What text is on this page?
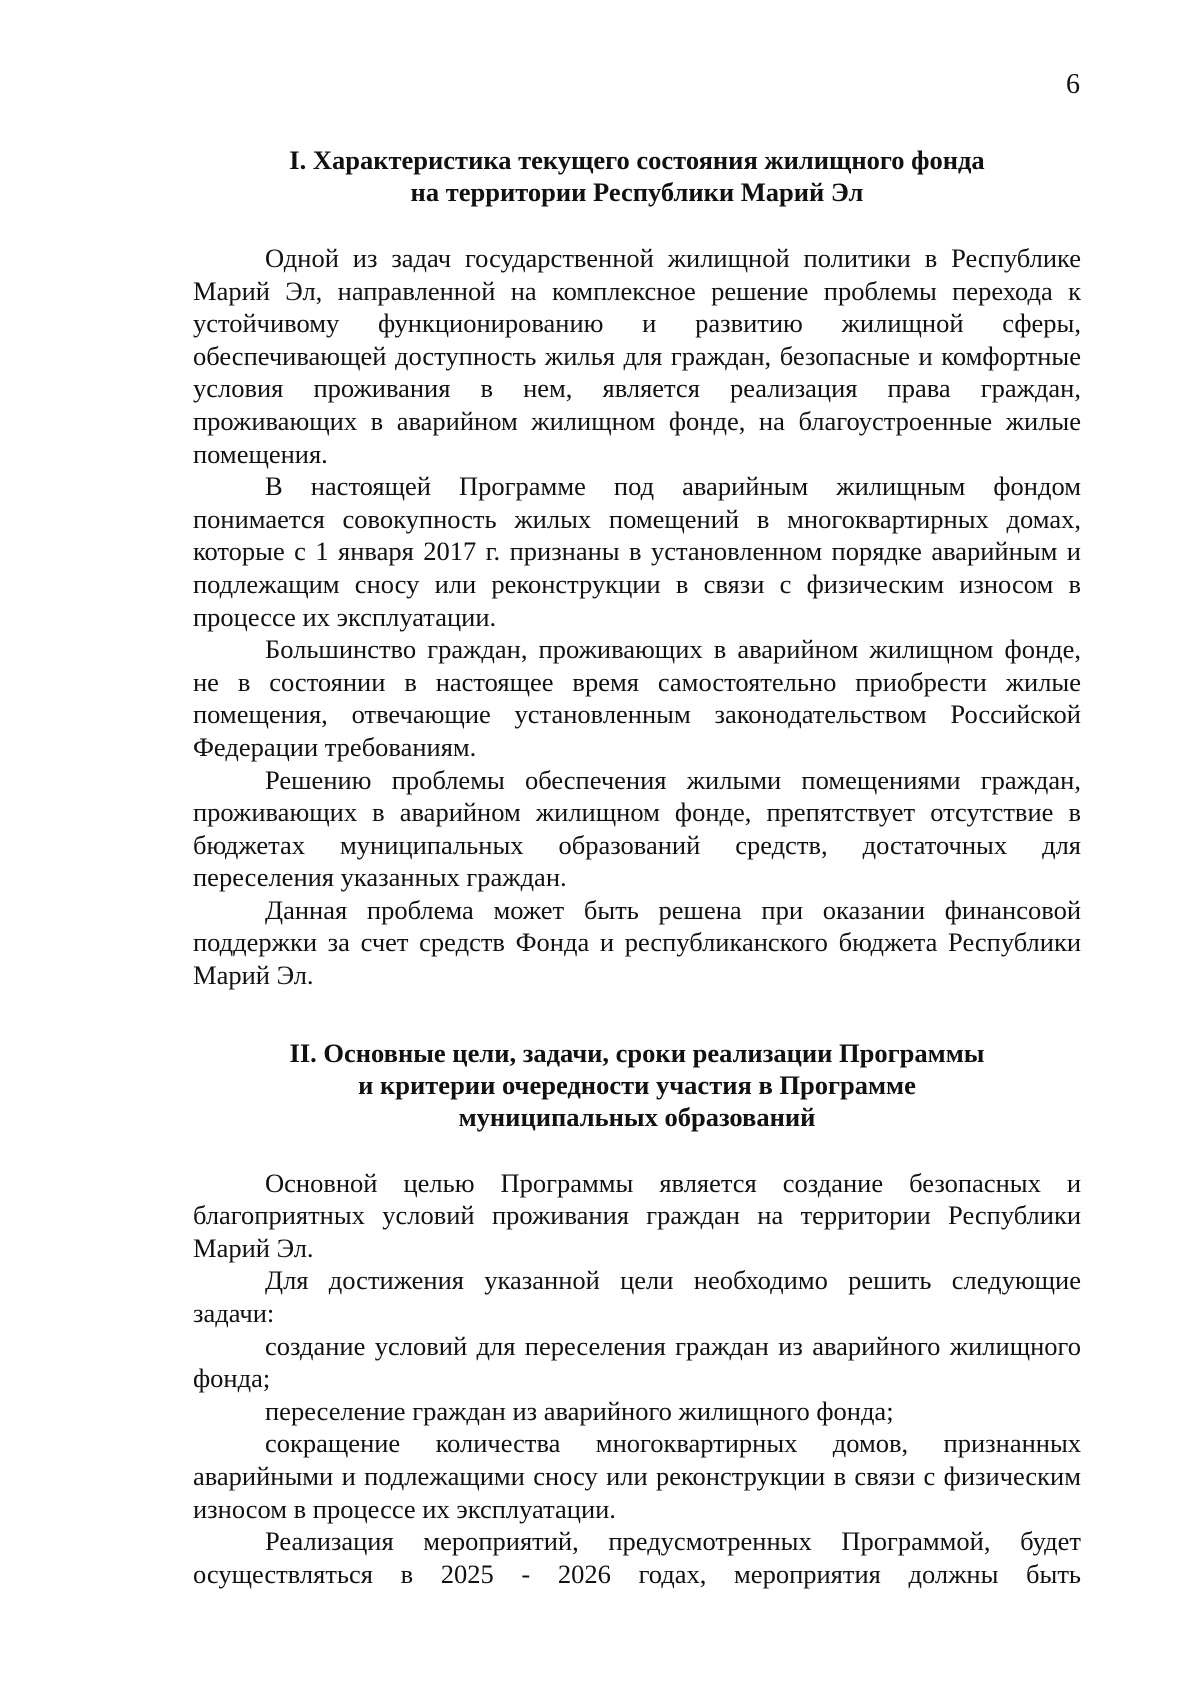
6
I. Характеристика текущего состояния жилищного фонда
на территории Республики Марий Эл

Одной из задач государственной жилищной политики в Республике Марий Эл, направленной на комплексное решение проблемы перехода к устойчивому функционированию и развитию жилищной сферы, обеспечивающей доступность жилья для граждан, безопасные и комфортные условия проживания в нем, является реализация права граждан, проживающих в аварийном жилищном фонде, на благоустроенные жилые помещения.

В настоящей Программе под аварийным жилищным фондом понимается совокупность жилых помещений в многоквартирных домах, которые с 1 января 2017 г. признаны в установленном порядке аварийным и подлежащим сносу или реконструкции в связи с физическим износом в процессе их эксплуатации.

Большинство граждан, проживающих в аварийном жилищном фонде, не в состоянии в настоящее время самостоятельно приобрести жилые помещения, отвечающие установленным законодательством Российской Федерации требованиям.

Решению проблемы обеспечения жилыми помещениями граждан, проживающих в аварийном жилищном фонде, препятствует отсутствие в бюджетах муниципальных образований средств, достаточных для переселения указанных граждан.

Данная проблема может быть решена при оказании финансовой поддержки за счет средств Фонда и республиканского бюджета Республики Марий Эл.

II. Основные цели, задачи, сроки реализации Программы
и критерии очередности участия в Программе
муниципальных образований

Основной целью Программы является создание безопасных и благоприятных условий проживания граждан на территории Республики Марий Эл.

Для достижения указанной цели необходимо решить следующие задачи:

создание условий для переселения граждан из аварийного жилищного фонда;

переселение граждан из аварийного жилищного фонда;

сокращение количества многоквартирных домов, признанных аварийными и подлежащими сносу или реконструкции в связи с физическим износом в процессе их эксплуатации.

Реализация мероприятий, предусмотренных Программой, будет осуществляться в 2025 - 2026 годах, мероприятия должны быть
